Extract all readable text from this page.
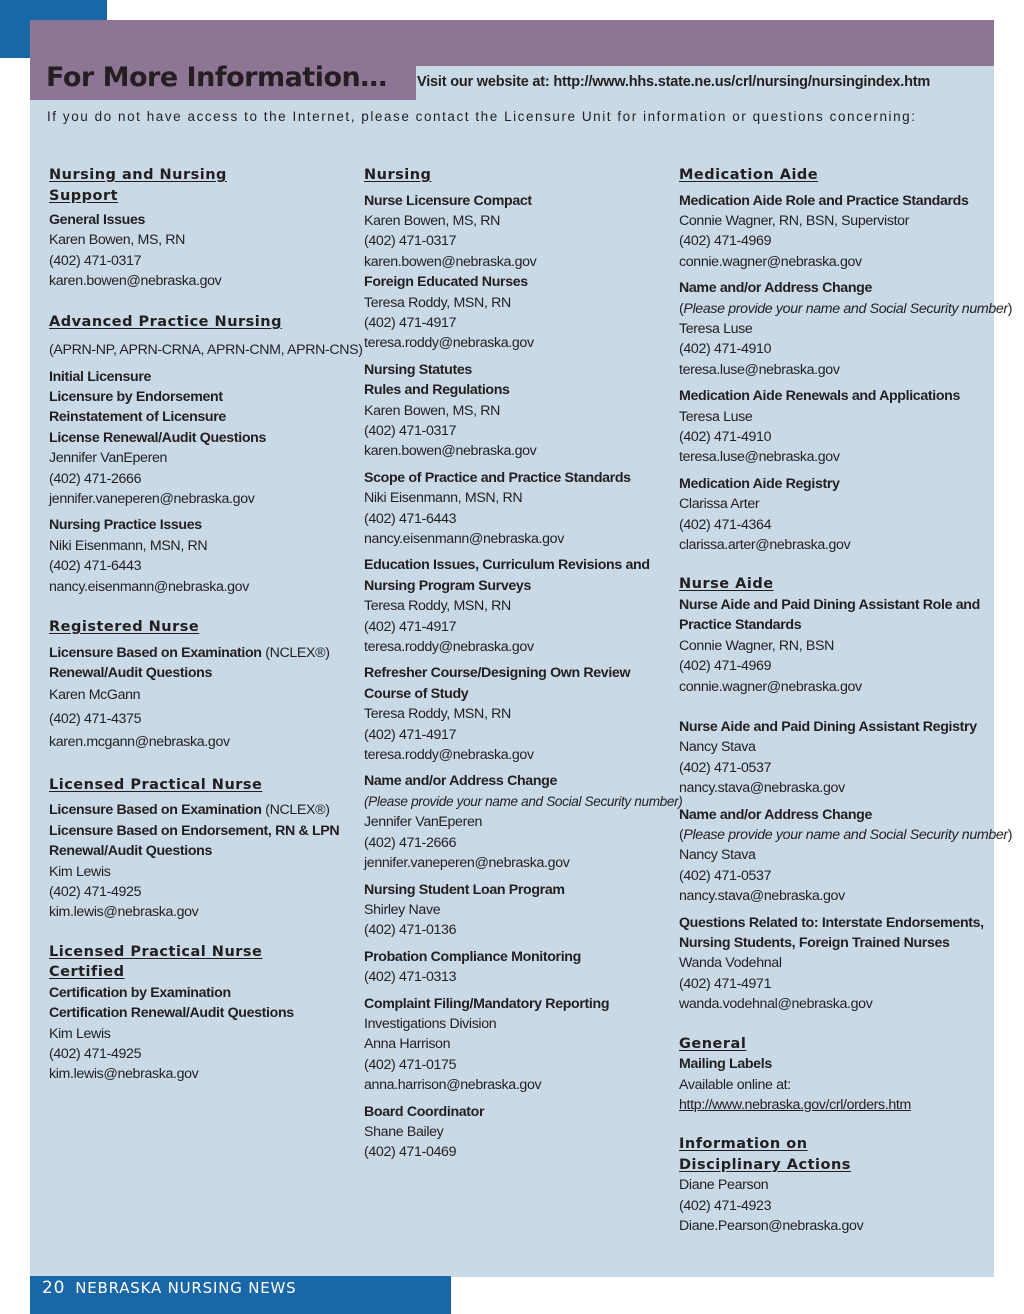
For More Information… Visit our website at: http://www.hhs.state.ne.us/crl/nursing/nursingindex.htm

If you do not have access to the Internet, please contact the Licensure Unit for information or questions concerning:

Nursing and Nursing

Support

General Issues

Karen Bowen, MS, RN

(402) 471-0317

karen.bowen@nebraska.gov

Advanced Practice Nursing

(APRN-NP, APRN-CRNA, APRN-CNM, APRN-CNS)

Initial Licensure

Licensure by Endorsement

Reinstatement of Licensure

License Renewal/Audit Questions

Jennifer VanEperen

(402) 471-2666

jennifer.vaneperen@nebraska.gov

Nursing Practice Issues

Niki Eisenmann, MSN, RN

(402) 471-6443

nancy.eisenmann@nebraska.gov

Registered Nurse

Licensure Based on Examination (NCLEX®)

Renewal/Audit Questions

Karen McGann

(402) 471-4375

karen.mcgann@nebraska.gov

Licensed Practical Nurse

Licensure Based on Examination (NCLEX®)

Licensure Based on Endorsement, RN & LPN

Renewal/Audit Questions

Kim Lewis

(402) 471-4925

kim.lewis@nebraska.gov

Licensed Practical Nurse

Certified

Certification by Examination

Certification Renewal/Audit Questions

Kim Lewis

(402) 471-4925

kim.lewis@nebraska.gov

Nursing

Nurse Licensure Compact

Karen Bowen, MS, RN

(402) 471-0317

karen.bowen@nebraska.gov

Foreign Educated Nurses

Teresa Roddy, MSN, RN

(402) 471-4917

teresa.roddy@nebraska.gov

Nursing Statutes

Rules and Regulations

Karen Bowen, MS, RN

(402) 471-0317

karen.bowen@nebraska.gov

Scope of Practice and Practice Standards

Niki Eisenmann, MSN, RN

(402) 471-6443

nancy.eisenmann@nebraska.gov

Education Issues, Curriculum Revisions and

Nursing Program Surveys

Teresa Roddy, MSN, RN

(402) 471-4917

teresa.roddy@nebraska.gov

Refresher Course/Designing Own Review

Course of Study

Teresa Roddy, MSN, RN

(402) 471-4917

teresa.roddy@nebraska.gov

Name and/or Address Change

(Please provide your name and Social Security number)

Jennifer VanEperen

(402) 471-2666

jennifer.vaneperen@nebraska.gov

Nursing Student Loan Program

Shirley Nave

(402) 471-0136

Probation Compliance Monitoring

(402) 471-0313

Complaint Filing/Mandatory Reporting

Investigations Division

Anna Harrison

(402) 471-0175

anna.harrison@nebraska.gov

Board Coordinator

Shane Bailey

(402) 471-0469

Medication Aide

Medication Aide Role and Practice Standards

Connie Wagner, RN, BSN, Supervistor

(402) 471-4969

connie.wagner@nebraska.gov

Name and/or Address Change

(Please provide your name and Social Security number)

Teresa Luse

(402) 471-4910

teresa.luse@nebraska.gov

Medication Aide Renewals and Applications

Teresa Luse

(402) 471-4910

teresa.luse@nebraska.gov

Medication Aide Registry

Clarissa Arter

(402) 471-4364

clarissa.arter@nebraska.gov

Nurse Aide

Nurse Aide and Paid Dining Assistant Role and

Practice Standards

Connie Wagner, RN, BSN

(402) 471-4969

connie.wagner@nebraska.gov

Nurse Aide and Paid Dining Assistant Registry

Nancy Stava

(402) 471-0537

nancy.stava@nebraska.gov

Name and/or Address Change

(Please provide your name and Social Security number)

Nancy Stava

(402) 471-0537

nancy.stava@nebraska.gov

Questions Related to: Interstate Endorsements,

Nursing Students, Foreign Trained Nurses

Wanda Vodehnal

(402) 471-4971

wanda.vodehnal@nebraska.gov

General

Mailing Labels

Available online at:

http://www.nebraska.gov/crl/orders.htm

Information on

Disciplinary Actions

Diane Pearson

(402) 471-4923

Diane.Pearson@nebraska.gov

20 NEBRASKA NURSING NEWS
